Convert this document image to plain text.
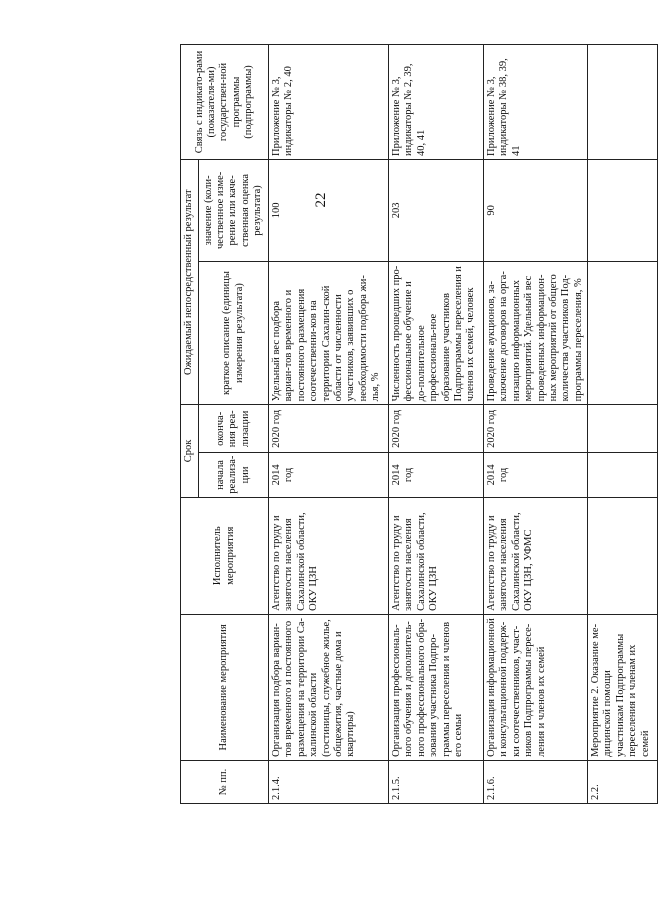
22
№ пп.	Наименование мероприятия	Исполнитель мероприятия	Срок		Ожидаемый непосредственный результат		Связь с индикато-рами (показателя-ми) государствен-ной программы (подпрограммы)
			начала реализа-ции	оконча-ния реа-лизации	краткое описание (единицы измерения результата)	значение (коли-чественное изме-рение или каче-ственная оценка результата)	
2.1.4.	Организация подбора вариан-тов временного и постоянного размещения на территории Са-халинской области (гостиницы, служебное жилье, общежития, частные дома и квартиры)	Агентство по труду и занятости населения Сахалинской области, ОКУ ЦЗН	2014 год	2020 год	Удельный вес подбора вариан-тов временного и постоянного размещения соотечественни-ков на территории Сахалин-ской области от численности участников, заявивших о необходимости подбора жи-лья, %	100	Приложение № 3, индикаторы № 2, 40
2.1.5.	Организация профессиональ-ного обучения и дополнитель-ного профессионального обра-зования участника Подпро-граммы переселения и членов его семьи	Агентство по труду и занятости населения Сахалинской области, ОКУ ЦЗН	2014 год	2020 год	Численность прошедших про-фессиональное обучение и до-полнительное профессиональ-ное образование участников Подпрограммы переселения и членов их семей, человек	203	Приложение № 3, индикаторы № 2, 39, 40, 41
2.1.6.	Организация информационной и консультационной поддерж-ки соотечественников, участ-ников Подпрограммы пересе-ления и членов их семей	Агентство по труду и занятости населения Сахалинской области, ОКУ ЦЗН, УФМС	2014 год	2020 год	Проведение аукционов, за-ключение договоров на орга-низацию информационных мероприятий. Удельный вес проведенных информацион-ных мероприятий от общего количества участников Под-программы переселения, %	90	Приложение № 3, индикаторы № 38, 39, 41
2.2.	Мероприятие 2. Оказание ме-дицинской помощи участникам Подпрограммы переселения и членам их семей						
